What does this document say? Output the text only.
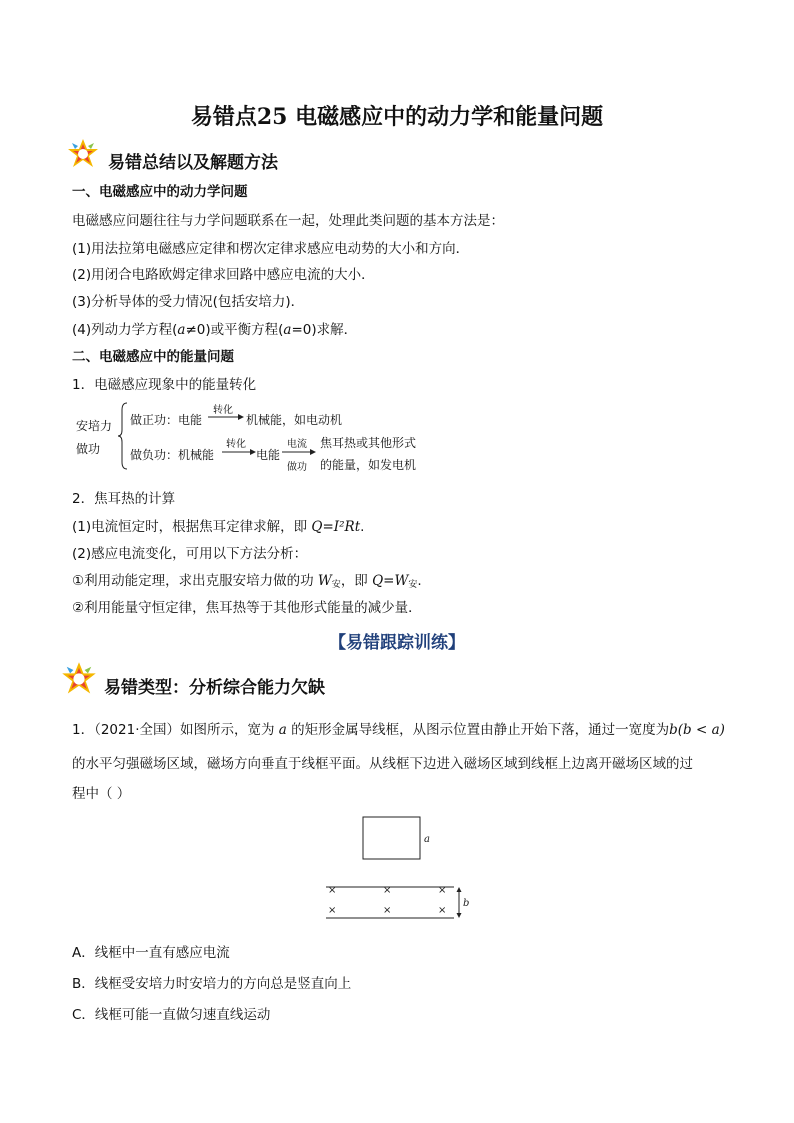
易错点25 电磁感应中的动力学和能量问题
易错总结以及解题方法
一、电磁感应中的动力学问题
电磁感应问题往往与力学问题联系在一起，处理此类问题的基本方法是：
(1)用法拉第电磁感应定律和楞次定律求感应电动势的大小和方向．
(2)用闭合电路欧姆定律求回路中感应电流的大小．
(3)分析导体的受力情况(包括安培力)．
(4)列动力学方程(a≠0)或平衡方程(a=0)求解．
二、电磁感应中的能量问题
1．电磁感应现象中的能量转化
安培力
做功
做正功：电能
转化
机械能，如电动机
做负功：机械能
转化
电能
电流
做功
焦耳热或其他形式
的能量，如发电机
2．焦耳热的计算
(1)电流恒定时，根据焦耳定律求解，即 Q=I²Rt.
(2)感应电流变化，可用以下方法分析：
①利用动能定理，求出克服安培力做的功 $W_安$，即 $Q=W_安$.
②利用能量守恒定律，焦耳热等于其他形式能量的减少量．
【易错跟踪训练】
易错类型：分析综合能力欠缺
1．（2021·全国）如图所示，宽为 a 的矩形金属导线框，从图示位置由静止开始下落，通过一宽度为b(b < a)
的水平匀强磁场区域，磁场方向垂直于线框平面。从线框下边进入磁场区域到线框上边离开磁场区域的过
程中（ ）
a
×	×	×
×	×	×
b
A．线框中一直有感应电流
B．线框受安培力时安培力的方向总是竖直向上
C．线框可能一直做匀速直线运动
